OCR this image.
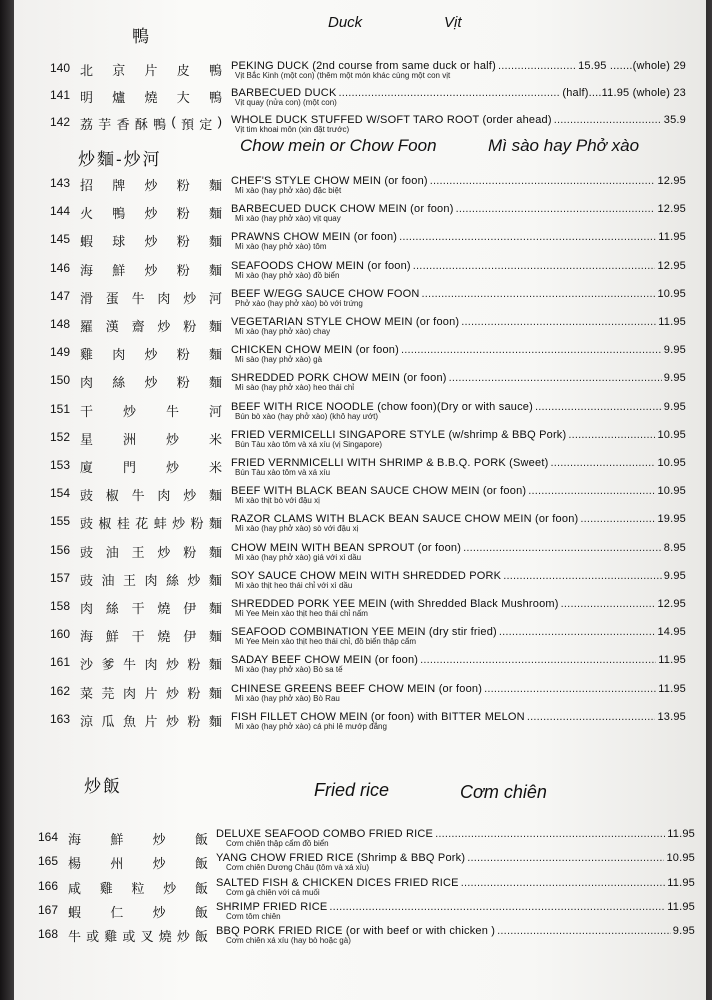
鴨
Duck	Vịt
140 北 京 片 皮 鴨 PEKING DUCK (2nd course from same duck or half) .....	15.95 .......(whole) 29
Vịt Bắc Kinh (một con) (thêm một món khác cùng một con vịt
141 明 爐 燒 大 鴨 BARBECUED DUCK .....	(half)....11.95 (whole) 23
Vịt quay (nửa con) (một con)
142 荔 芋 香 酥 鴨 ( 預 定 ) WHOLE DUCK STUFFED W/SOFT TARO ROOT (order ahead) .....	35.9
Vịt tim khoai môn (xin đặt trước)
炒麵-炒河
Chow mein or Chow Foon	Mì sào hay Phở xào
143 招 牌 炒 粉 麵 CHEF'S STYLE CHOW MEIN (or foon) .....	12.95
Mì xào (hay phở xào) đặc biệt
144 火 鴨 炒 粉 麵 BARBECUED DUCK CHOW MEIN (or foon) .....	12.95
Mì xào (hay phở xào) vịt quay
145 蝦 球 炒 粉 麵 PRAWNS CHOW MEIN (or foon) .....	11.95
Mì xào (hay phở xào) tôm
146 海 鮮 炒 粉 麵 SEAFOODS CHOW MEIN (or foon) .....	12.95
Mì xào (hay phở xào) đồ biển
147 滑 蛋 牛 肉 炒 河 BEEF W/EGG SAUCE CHOW FOON .....	10.95
Phở xào (hay phở xào) bò với trứng
148 羅 漢 齋 炒 粉 麵 VEGETARIAN STYLE CHOW MEIN (or foon) .....	11.95
Mì xào (hay phở xào) chay
149 雞 肉 炒 粉 麵 CHICKEN CHOW MEIN (or foon) .....	9.95
Mì sào (hay phở xào) gà
150 肉 絲 炒 粉 麵 SHREDDED PORK CHOW MEIN (or foon) .....	9.95
Mì sào (hay phở xào) heo thái chỉ
151 干 炒 牛 河 BEEF WITH RICE NOODLE (chow foon)(Dry or with sauce) .....	9.95
Bún bò xào (hay phở xào) (khô hay ướt)
152 星 洲 炒 米 FRIED VERMICELLI SINGAPORE STYLE (w/shrimp & BBQ Pork) .....	10.95
Bún Tàu xào tôm và xá xíu (vị Singapore)
153 廈 門 炒 米 FRIED VERNMICELLI WITH SHRIMP & B.B.Q. PORK (Sweet) .....	10.95
Bún Tàu xào tôm và xá xíu
154 豉 椒 牛 肉 炒 麵 BEEF WITH BLACK BEAN SAUCE CHOW MEIN (or foon) .....	10.95
Mì xào thịt bò với đậu xị
155 豉 椒 桂 花 蚌 炒 粉 麵 RAZOR CLAMS WITH BLACK BEAN SAUCE CHOW MEIN (or foon) .....	19.95
Mì xào (hay phở xào) sò với đậu xị
156 豉 油 王 炒 粉 麵 CHOW MEIN WITH BEAN SPROUT (or foon) .....	8.95
Mì xào (hay phở xào) giá với xì dầu
157 豉 油 王 肉 絲 炒 麵 SOY SAUCE CHOW MEIN WITH SHREDDED PORK .....	9.95
Mì xào thịt heo thái chỉ với xì dầu
158 肉 絲 干 燒 伊 麵 SHREDDED PORK YEE MEIN (with Shredded Black Mushroom) .....	12.95
Mì Yee Mein xào thịt heo thái chỉ nấm
160 海 鮮 干 燒 伊 麵 SEAFOOD COMBINATION YEE MEIN (dry stir fried) .....	14.95
Mì Yee Mein xào thịt heo thái chỉ, đồ biển thập cẩm
161 沙 爹 牛 肉 炒 粉 麵 SADAY BEEF CHOW MEIN (or foon) .....	11.95
Mì xào (hay phở xào) Bò sa tế
162 菜 芫 肉 片 炒 粉 麵 CHINESE GREENS BEEF CHOW MEIN (or foon) .....	11.95
Mì xào (hay phở xào) Bò Rau
163 涼 瓜 魚 片 炒 粉 麵 FISH FILLET CHOW MEIN (or foon) with BITTER MELON .....	13.95
Mì xào (hay phở xào) cá phi lê mướp đắng
炒飯	Fried rice	Cơm chiên
164 海 鮮 炒 飯 DELUXE SEAFOOD COMBO FRIED RICE .....	11.95
Cơm chiên thập cẩm đồ biển
165 楊 州 炒 飯 YANG CHOW FRIED RICE (Shrimp & BBQ Pork) .....	10.95
Cơm chiên Dương Châu (tôm và xá xíu)
166 咸 雞 粒 炒 飯 SALTED FISH & CHICKEN DICES FRIED RICE .....	11.95
Cơm gà chiên với cá muối
167 蝦 仁 炒 飯 SHRIMP FRIED RICE .....	11.95
Cơm tôm chiên
168 牛 或 雞 或 叉 燒 炒 飯 BBQ PORK FRIED RICE (or with beef or with chicken ) .....	9.95
Cơm chiên xá xíu (hay bò hoặc gà)
